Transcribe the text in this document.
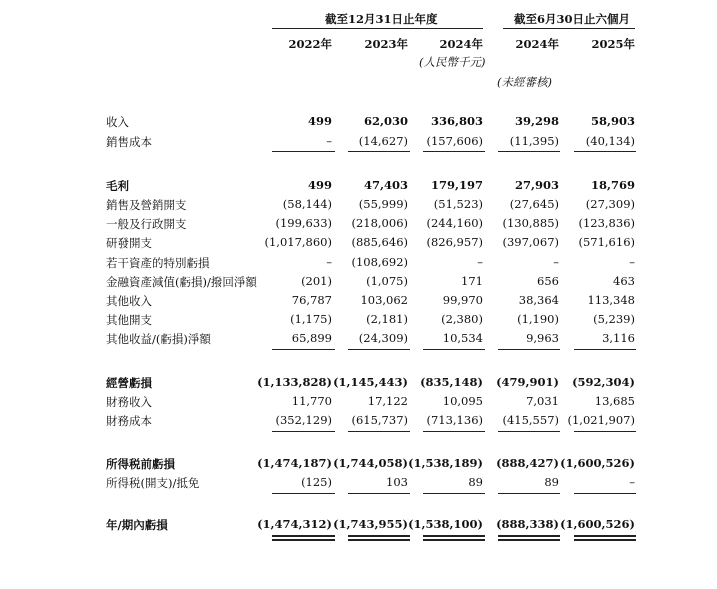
截至12月31日止年度	截至6月30日止六個月
2022年	2023年	2024年	2024年	2025年
(人民幣千元)
(未經審核)
收入	499	62,030 336,803	39,298	58,903
銷售成本	– (14,627) (157,606) (11,395) (40,134)
毛利	499	47,403 179,197	27,903	18,769
銷售及營銷開支	(58,144) (55,999) (51,523) (27,645) (27,309)
一般及行政開支	(199,633) (218,006) (244,160) (130,885) (123,836)
研發開支	(1,017,860) (885,646) (826,957) (397,067) (571,616)
若干資產的特別虧損	– (108,692)	–	–	–
金融資產減值(虧損)/撥回淨額	(201)	(1,075)	171	656	463
其他收入	76,787 103,062	99,970	38,364 113,348
其他開支	(1,175)	(2,181)	(2,380)	(1,190)	(5,239)
其他收益/(虧損)淨額	65,899 (24,309)	10,534	9,963	3,116
經營虧損	(1,133,828) (1,145,443) (835,148) (479,901) (592,304)
財務收入	11,770	17,122	10,095	7,031	13,685
財務成本	(352,129) (615,737) (713,136) (415,557) (1,021,907)
所得税前虧損	(1,474,187) (1,744,058) (1,538,189) (888,427) (1,600,526)
所得税(開支)/抵免	(125)	103	89	89	–
年/期內虧損	(1,474,312) (1,743,955) (1,538,100) (888,338) (1,600,526)
